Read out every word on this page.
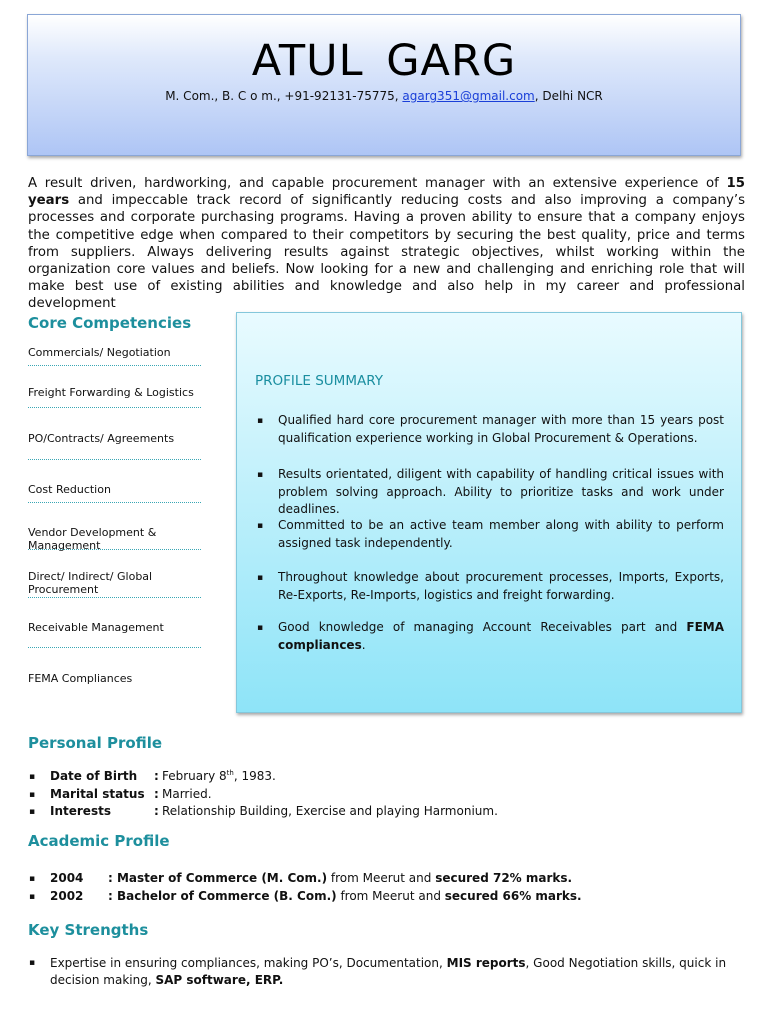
ATUL GARG
M. Com., B. C o m., +91-92131-75775, agarg351@gmail.com, Delhi NCR
A result driven, hardworking, and capable procurement manager with an extensive experience of 15 years and impeccable track record of significantly reducing costs and also improving a company’s processes and corporate purchasing programs. Having a proven ability to ensure that a company enjoys the competitive edge when compared to their competitors by securing the best quality, price and terms from suppliers. Always delivering results against strategic objectives, whilst working within the organization core values and beliefs. Now looking for a new and challenging and enriching role that will make best use of existing abilities and knowledge and also help in my career and professional development
Core Competencies
Commercials/ Negotiation
Freight Forwarding & Logistics
PO/Contracts/ Agreements
Cost Reduction
Vendor Development & Management
Direct/ Indirect/ Global Procurement
Receivable Management
FEMA Compliances
PROFILE SUMMARY
▪ Qualified hard core procurement manager with more than 15 years post qualification experience working in Global Procurement & Operations.
▪ Results orientated, diligent with capability of handling critical issues with problem solving approach. Ability to prioritize tasks and work under deadlines.
▪ Committed to be an active team member along with ability to perform assigned task independently.
▪ Throughout knowledge about procurement processes, Imports, Exports, Re-Exports, Re-Imports, logistics and freight forwarding.
▪ Good knowledge of managing Account Receivables part and FEMA compliances.
Personal Profile
▪ Date of Birth : February 8th, 1983.
▪ Marital status : Married.
▪ Interests	: Relationship Building, Exercise and playing Harmonium.
Academic Profile
▪ 2004 : Master of Commerce (M. Com.) from Meerut and secured 72% marks.
▪ 2002 : Bachelor of Commerce (B. Com.) from Meerut and secured 66% marks.
Key Strengths
▪ Expertise in ensuring compliances, making PO’s, Documentation, MIS reports, Good Negotiation skills, quick in decision making, SAP software, ERP.
